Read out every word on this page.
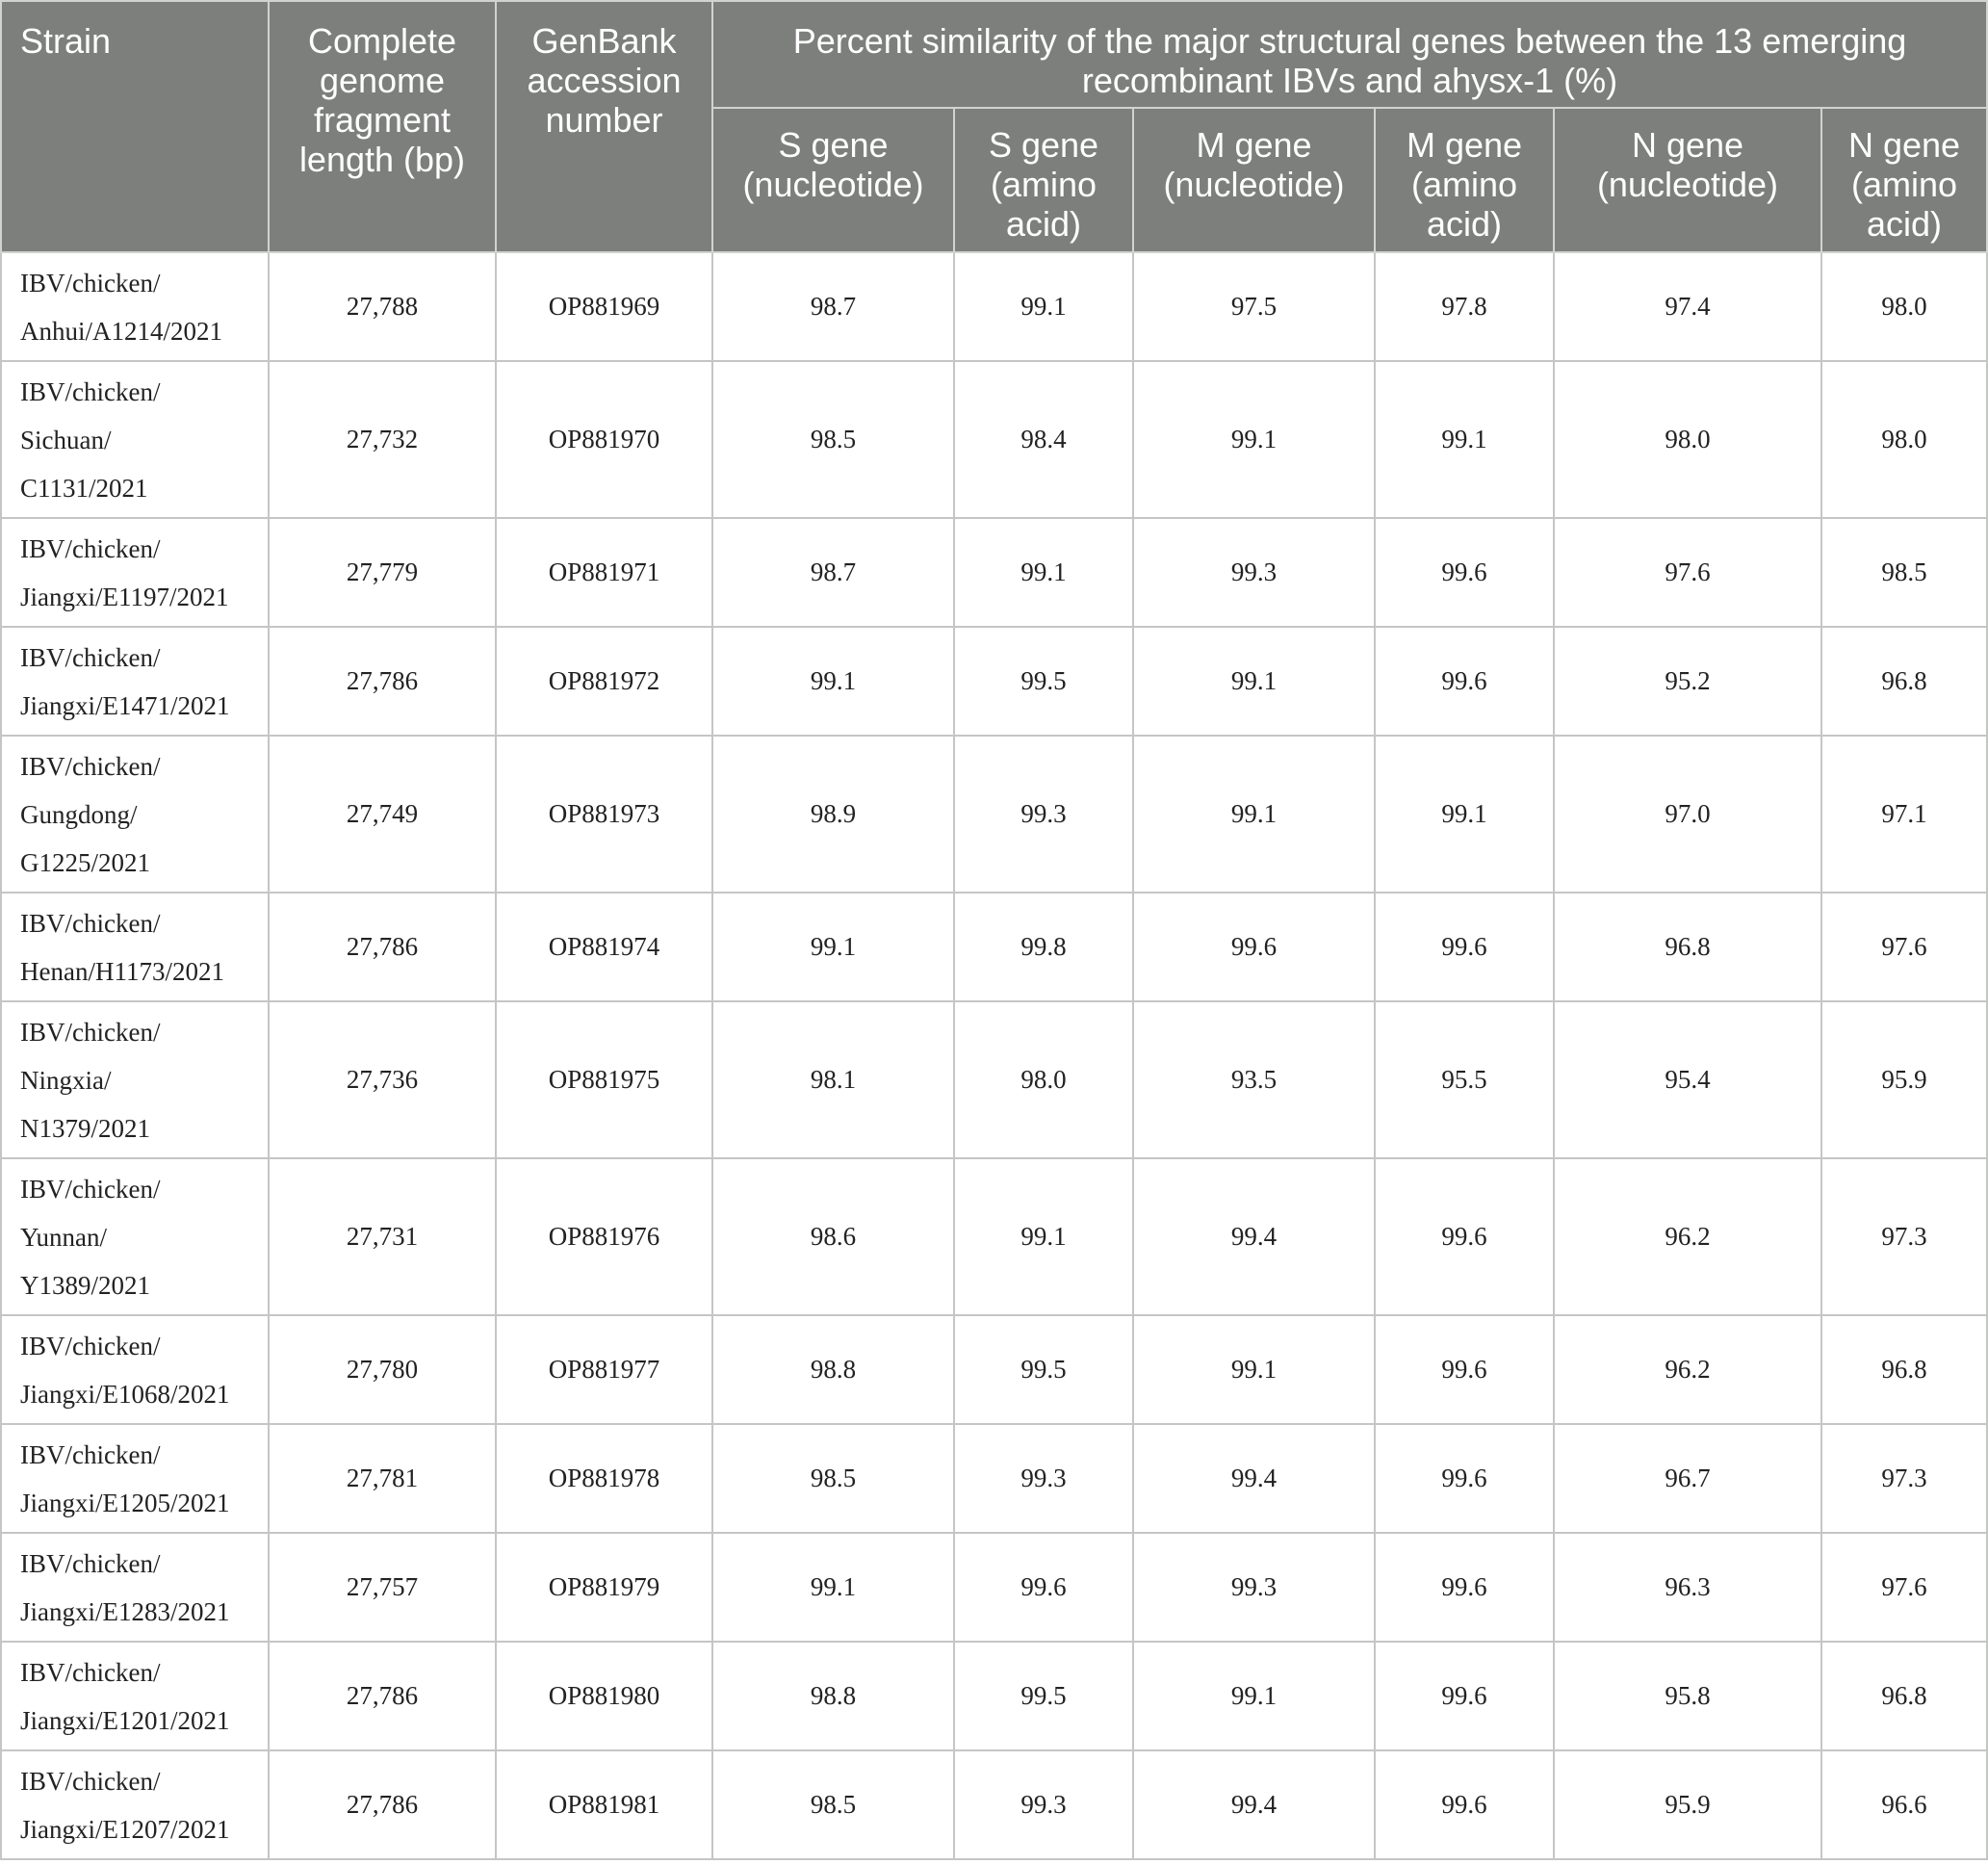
Strain	Complete genome fragment length (bp)	GenBank accession number	Percent similarity of the major structural genes between the 13 emerging recombinant IBVs and ahysx-1 (%)					
			S gene (nucleotide)	S gene (amino acid)	M gene (nucleotide)	M gene (amino acid)	N gene (nucleotide)	N gene (amino acid)

IBV/chicken/
Anhui/A1214/2021	27,788	OP881969	98.7	99.1	97.5	97.8	97.4	98.0

IBV/chicken/
Sichuan/
C1131/2021	27,732	OP881970	98.5	98.4	99.1	99.1	98.0	98.0

IBV/chicken/
Jiangxi/E1197/2021	27,779	OP881971	98.7	99.1	99.3	99.6	97.6	98.5

IBV/chicken/
Jiangxi/E1471/2021	27,786	OP881972	99.1	99.5	99.1	99.6	95.2	96.8

IBV/chicken/
Gungdong/
G1225/2021	27,749	OP881973	98.9	99.3	99.1	99.1	97.0	97.1

IBV/chicken/
Henan/H1173/2021	27,786	OP881974	99.1	99.8	99.6	99.6	96.8	97.6

IBV/chicken/
Ningxia/
N1379/2021	27,736	OP881975	98.1	98.0	93.5	95.5	95.4	95.9

IBV/chicken/
Yunnan/
Y1389/2021	27,731	OP881976	98.6	99.1	99.4	99.6	96.2	97.3

IBV/chicken/
Jiangxi/E1068/2021	27,780	OP881977	98.8	99.5	99.1	99.6	96.2	96.8

IBV/chicken/
Jiangxi/E1205/2021	27,781	OP881978	98.5	99.3	99.4	99.6	96.7	97.3

IBV/chicken/
Jiangxi/E1283/2021	27,757	OP881979	99.1	99.6	99.3	99.6	96.3	97.6

IBV/chicken/
Jiangxi/E1201/2021	27,786	OP881980	98.8	99.5	99.1	99.6	95.8	96.8

IBV/chicken/
Jiangxi/E1207/2021	27,786	OP881981	98.5	99.3	99.4	99.6	95.9	96.6
